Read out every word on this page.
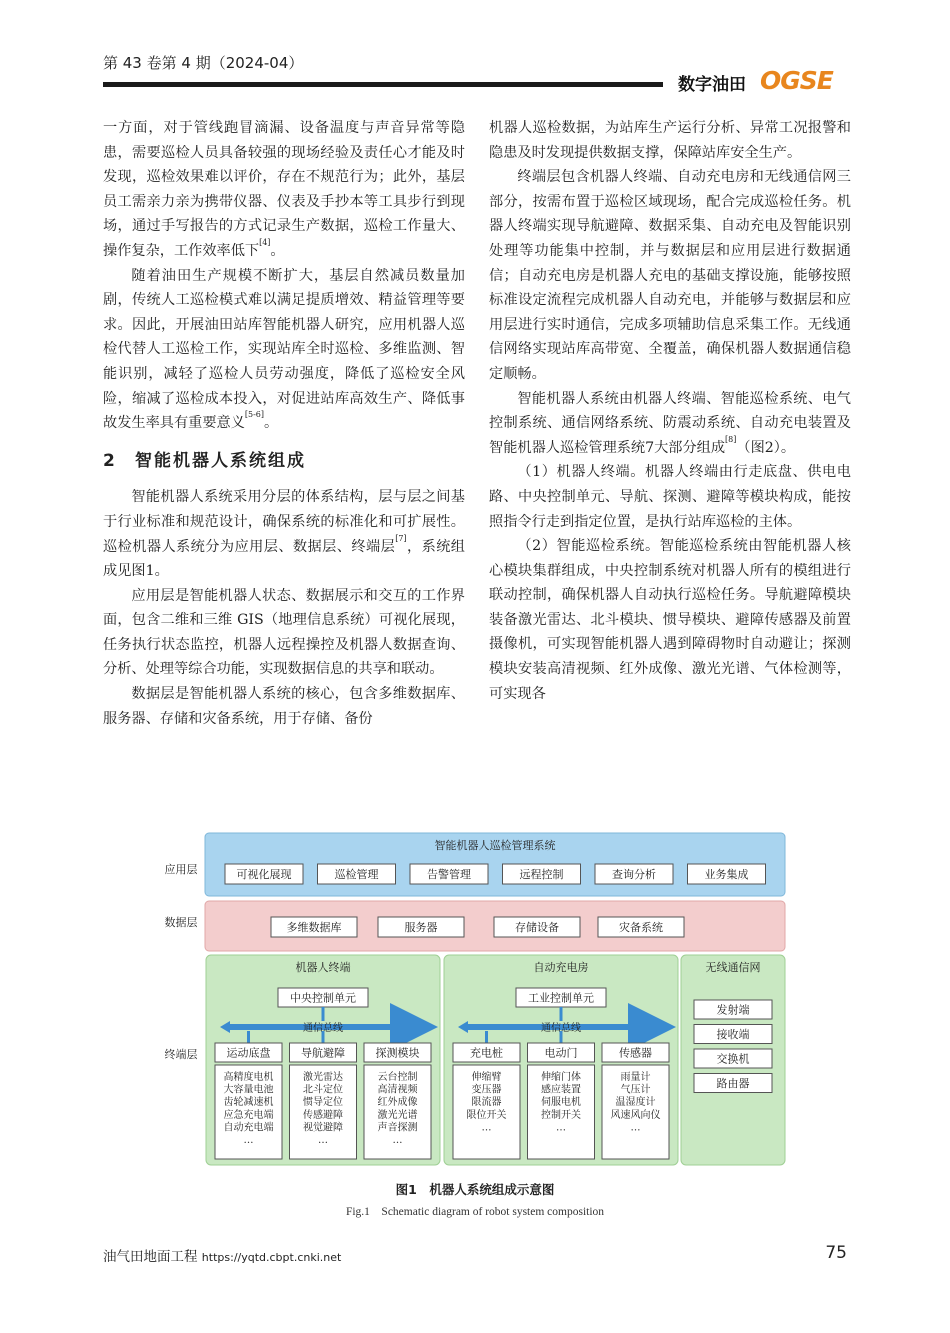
第 43 卷第 4 期（2024-04）
数字油田 OGSE

一方面，对于管线跑冒滴漏、设备温度与声音异常等隐患，需要巡检人员具备较强的现场经验及责任心才能及时发现，巡检效果难以评价，存在不规范行为；此外，基层员工需亲力亲为携带仪器、仪表及手抄本等工具步行到现场，通过手写报告的方式记录生产数据，巡检工作量大、操作复杂，工作效率低下[4]。

随着油田生产规模不断扩大，基层自然减员数量加剧，传统人工巡检模式难以满足提质增效、精益管理等要求。因此，开展油田站库智能机器人研究，应用机器人巡检代替人工巡检工作，实现站库全时巡检、多维监测、智能识别，减轻了巡检人员劳动强度，降低了巡检安全风险，缩减了巡检成本投入，对促进站库高效生产、降低事故发生率具有重要意义[5-6]。

2 智能机器人系统组成

智能机器人系统采用分层的体系结构，层与层之间基于行业标准和规范设计，确保系统的标准化和可扩展性。巡检机器人系统分为应用层、数据层、终端层[7]，系统组成见图1。

应用层是智能机器人状态、数据展示和交互的工作界面，包含二维和三维 GIS（地理信息系统）可视化展现，任务执行状态监控，机器人远程操控及机器人数据查询、分析、处理等综合功能，实现数据信息的共享和联动。

数据层是智能机器人系统的核心，包含多维数据库、服务器、存储和灾备系统，用于存储、备份

机器人巡检数据，为站库生产运行分析、异常工况报警和隐患及时发现提供数据支撑，保障站库安全生产。

终端层包含机器人终端、自动充电房和无线通信网三部分，按需布置于巡检区域现场，配合完成巡检任务。机器人终端实现导航避障、数据采集、自动充电及智能识别处理等功能集中控制，并与数据层和应用层进行数据通信；自动充电房是机器人充电的基础支撑设施，能够按照标准设定流程完成机器人自动充电，并能够与数据层和应用层进行实时通信，完成多项辅助信息采集工作。无线通信网络实现站库高带宽、全覆盖，确保机器人数据通信稳定顺畅。

智能机器人系统由机器人终端、智能巡检系统、电气控制系统、通信网络系统、防震动系统、自动充电装置及智能机器人巡检管理系统7大部分组成[8]（图2）。

（1）机器人终端。机器人终端由行走底盘、供电电路、中央控制单元、导航、探测、避障等模块构成，能按照指令行走到指定位置，是执行站库巡检的主体。

（2）智能巡检系统。智能巡检系统由智能机器人核心模块集群组成，中央控制系统对机器人所有的模组进行联动控制，确保机器人自动执行巡检任务。导航避障模块装备激光雷达、北斗模块、惯导模块、避障传感器及前置摄像机，可实现智能机器人遇到障碍物时自动避让；探测模块安装高清视频、红外成像、激光光谱、气体检测等，可实现各

应用层
数据层
终端层
智能机器人巡检管理系统
可视化展现	巡检管理	告警管理	远程控制	查询分析	业务集成
多维数据库	服务器	存储设备	灾备系统
机器人终端
中央控制单元
通信总线
运动底盘
高精度电机
大容量电池
齿轮减速机
应急充电端
自动充电端
…
导航避障
激光雷达
北斗定位
惯导定位
传感避障
视觉避障
…
探测模块
云台控制
高清视频
红外成像
激光光谱
声音探测
…
自动充电房
工业控制单元
通信总线
充电桩
伸缩臂
变压器
限流器
限位开关
…
电动门
伸缩门体
感应装置
伺服电机
控制开关
…
传感器
雨量计
气压计
温湿度计
风速风向仪
…
无线通信网
发射端
接收端
交换机
路由器
图1　机器人系统组成示意图
Fig.1　Schematic diagram of robot system composition
油气田地面工程 https://yqtd.cbpt.cnki.net	75
